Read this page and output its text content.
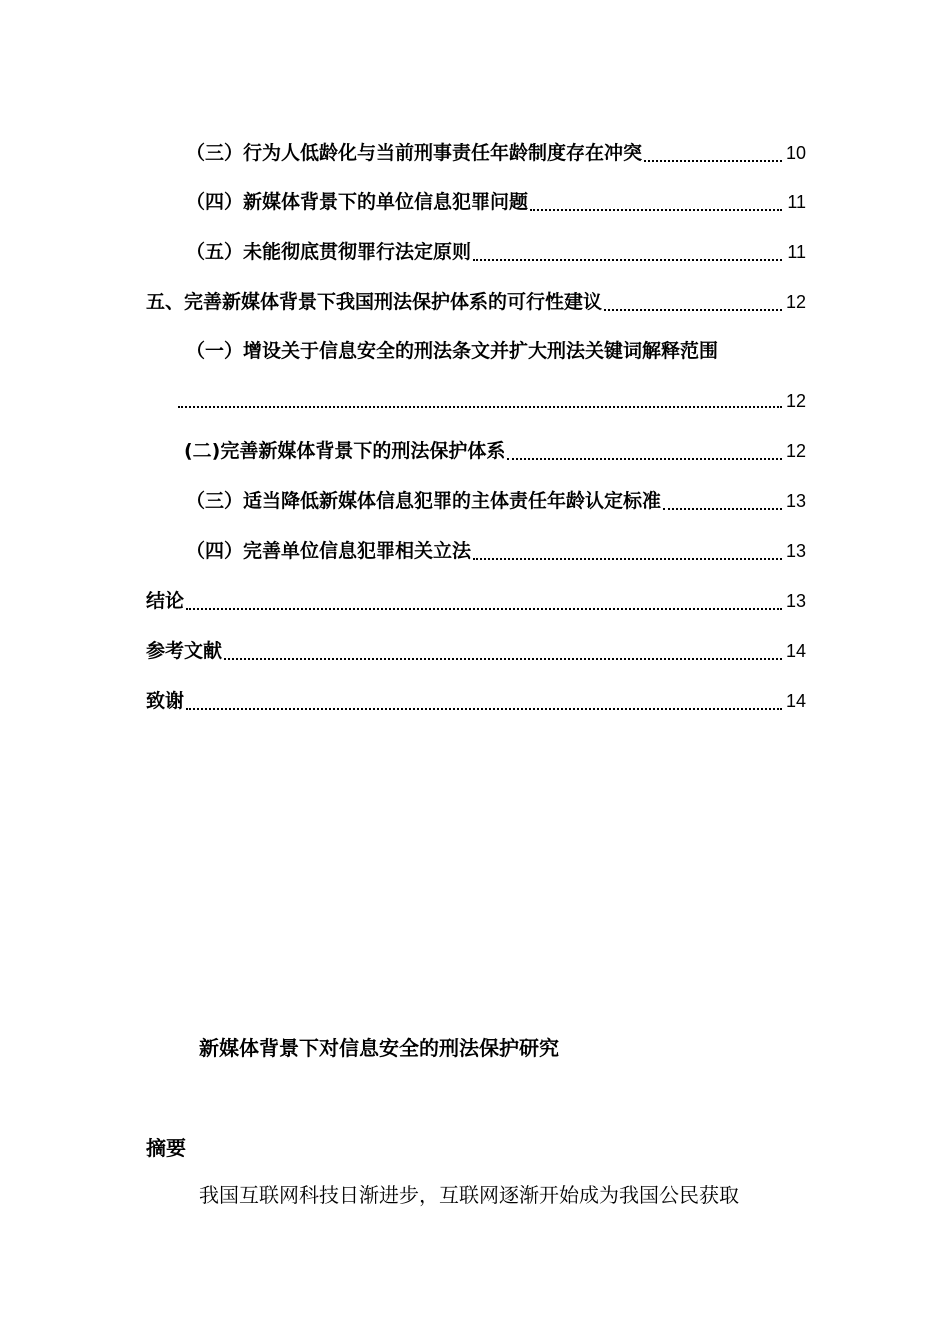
（三）行为人低龄化与当前刑事责任年龄制度存在冲突	10
（四）新媒体背景下的单位信息犯罪问题	11
（五）未能彻底贯彻罪行法定原则	11
五、完善新媒体背景下我国刑法保护体系的可行性建议	12
（一）增设关于信息安全的刑法条文并扩大刑法关键词解释范围
12
(二)完善新媒体背景下的刑法保护体系	12
（三）适当降低新媒体信息犯罪的主体责任年龄认定标准	13
（四）完善单位信息犯罪相关立法	13
结论	13
参考文献	14
致谢	14
新媒体背景下对信息安全的刑法保护研究
摘要
我国互联网科技日渐进步，互联网逐渐开始成为我国公民获取
